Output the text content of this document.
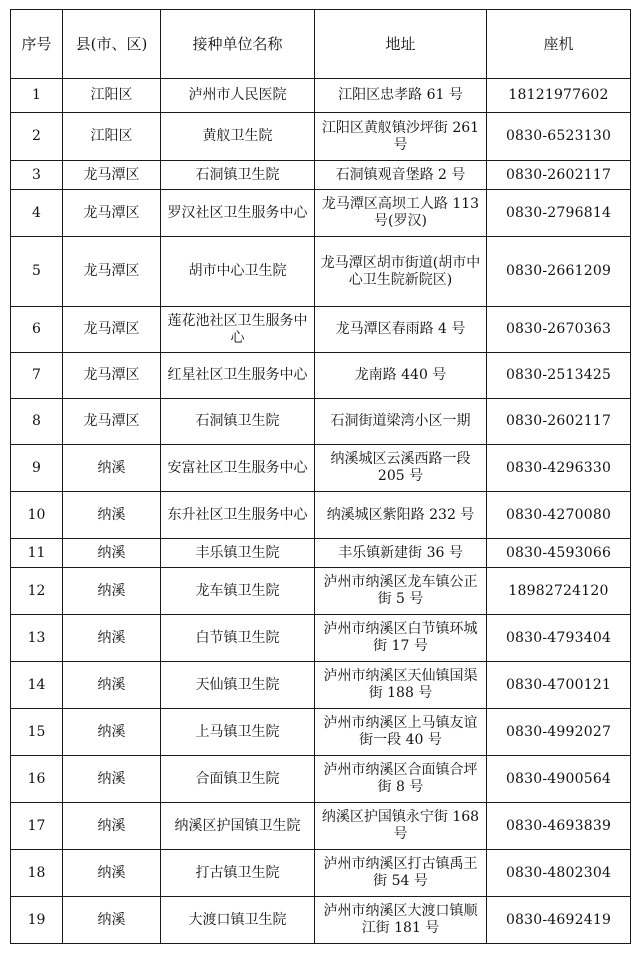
序号	县(市、区)	接种单位名称	地址	座机
1	江阳区	泸州市人民医院	江阳区忠孝路 61 号	18121977602
2	江阳区	黄舣卫生院	江阳区黄舣镇沙坪街 261 号	0830-6523130
3	龙马潭区	石洞镇卫生院	石洞镇观音堡路 2 号	0830-2602117
4	龙马潭区	罗汉社区卫生服务中心	龙马潭区高坝工人路 113 号(罗汉)	0830-2796814
5	龙马潭区	胡市中心卫生院	龙马潭区胡市街道(胡市中心卫生院新院区)	0830-2661209
6	龙马潭区	莲花池社区卫生服务中心	龙马潭区春雨路 4 号	0830-2670363
7	龙马潭区	红星社区卫生服务中心	龙南路 440 号	0830-2513425
8	龙马潭区	石洞镇卫生院	石洞街道梁湾小区一期	0830-2602117
9	纳溪	安富社区卫生服务中心	纳溪城区云溪西路一段 205 号	0830-4296330
10	纳溪	东升社区卫生服务中心	纳溪城区紫阳路 232 号	0830-4270080
11	纳溪	丰乐镇卫生院	丰乐镇新建街 36 号	0830-4593066
12	纳溪	龙车镇卫生院	泸州市纳溪区龙车镇公正街 5 号	18982724120
13	纳溪	白节镇卫生院	泸州市纳溪区白节镇环城街 17 号	0830-4793404
14	纳溪	天仙镇卫生院	泸州市纳溪区天仙镇国渠街 188 号	0830-4700121
15	纳溪	上马镇卫生院	泸州市纳溪区上马镇友谊街一段 40 号	0830-4992027
16	纳溪	合面镇卫生院	泸州市纳溪区合面镇合坪街 8 号	0830-4900564
17	纳溪	纳溪区护国镇卫生院	纳溪区护国镇永宁街 168 号	0830-4693839
18	纳溪	打古镇卫生院	泸州市纳溪区打古镇禹王街 54 号	0830-4802304
19	纳溪	大渡口镇卫生院	泸州市纳溪区大渡口镇顺江街 181 号	0830-4692419
